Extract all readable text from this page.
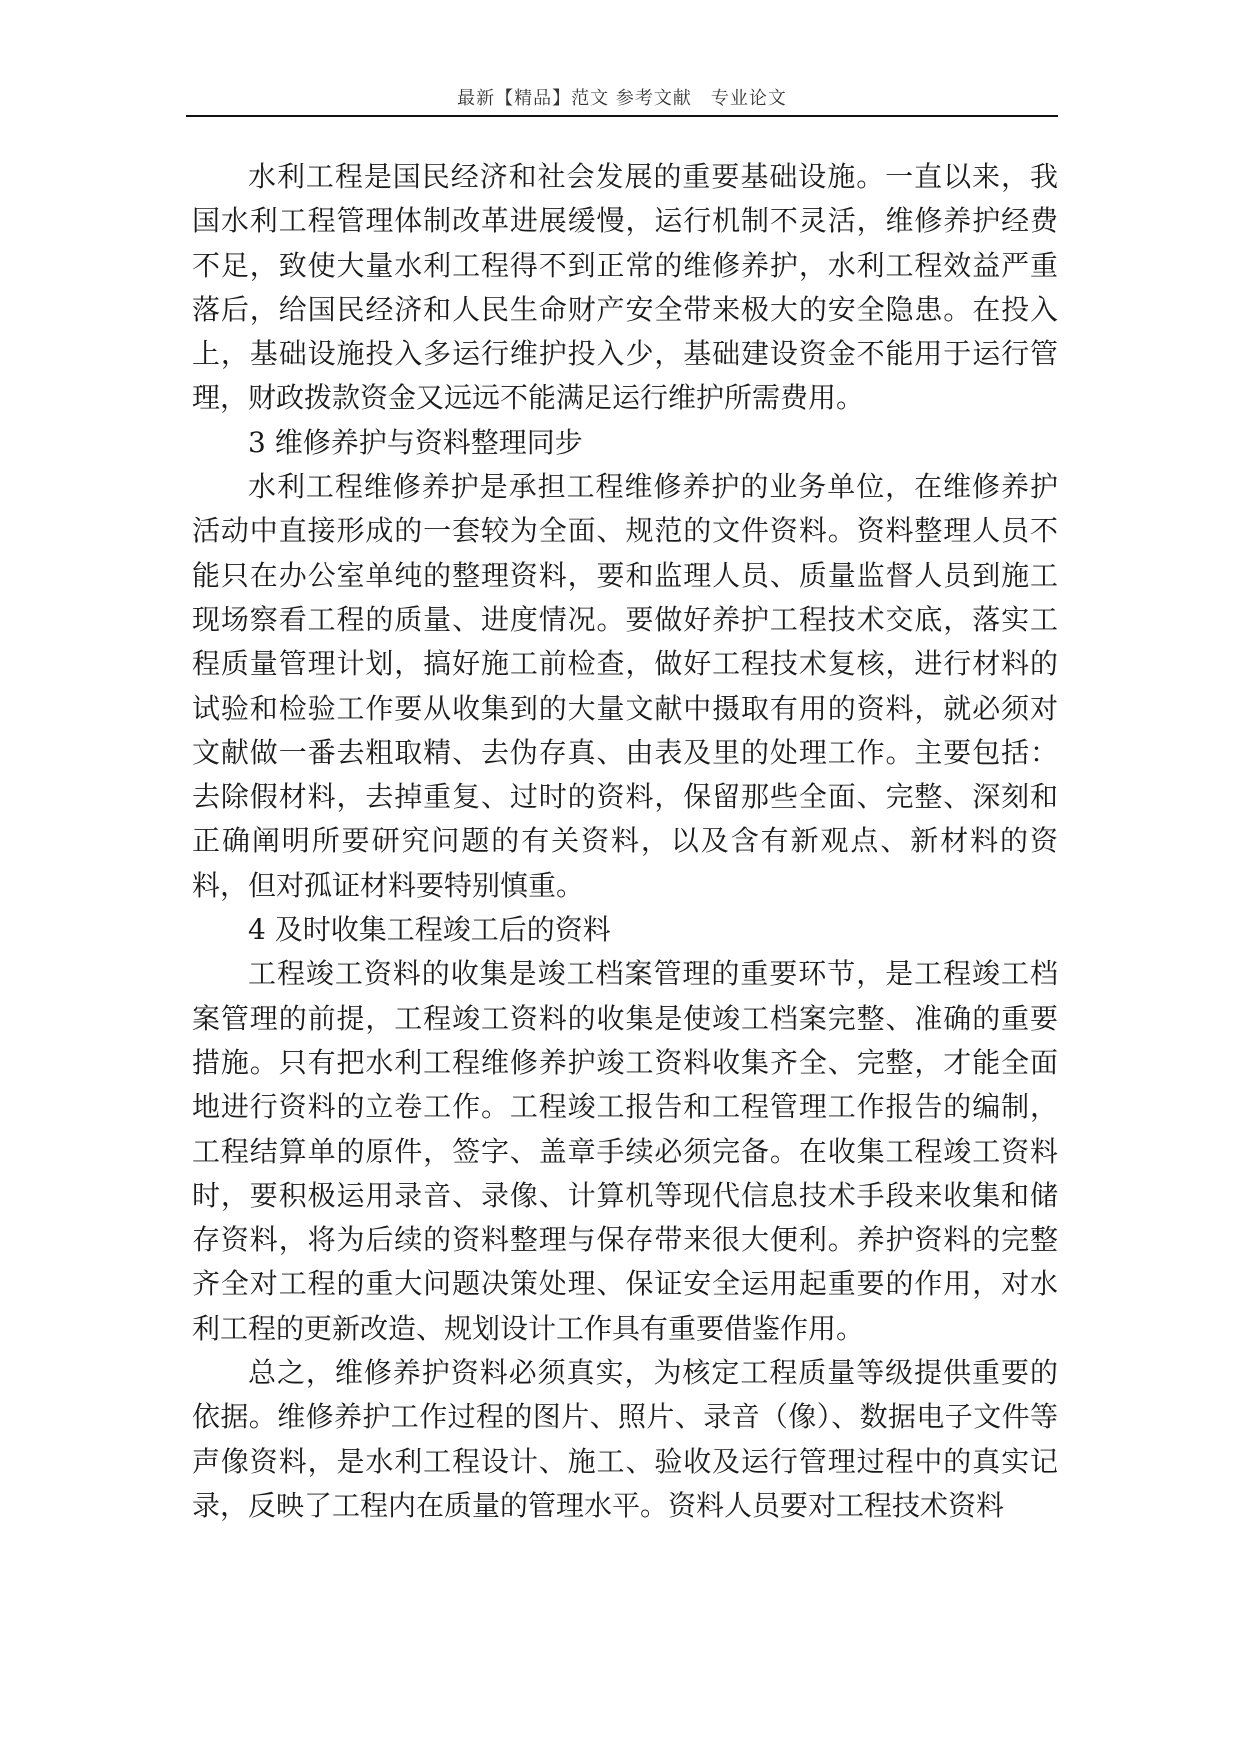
最新【精品】范文 参考文献　专业论文

水利工程是国民经济和社会发展的重要基础设施。一直以来，我国水利工程管理体制改革进展缓慢，运行机制不灵活，维修养护经费不足，致使大量水利工程得不到正常的维修养护，水利工程效益严重落后，给国民经济和人民生命财产安全带来极大的安全隐患。在投入上，基础设施投入多运行维护投入少，基础建设资金不能用于运行管理，财政拨款资金又远远不能满足运行维护所需费用。

3 维修养护与资料整理同步

水利工程维修养护是承担工程维修养护的业务单位，在维修养护活动中直接形成的一套较为全面、规范的文件资料。资料整理人员不能只在办公室单纯的整理资料，要和监理人员、质量监督人员到施工现场察看工程的质量、进度情况。要做好养护工程技术交底，落实工程质量管理计划，搞好施工前检查，做好工程技术复核，进行材料的试验和检验工作要从收集到的大量文献中摄取有用的资料，就必须对文献做一番去粗取精、去伪存真、由表及里的处理工作。主要包括：去除假材料，去掉重复、过时的资料，保留那些全面、完整、深刻和正确阐明所要研究问题的有关资料，以及含有新观点、新材料的资料，但对孤证材料要特别慎重。

4 及时收集工程竣工后的资料

工程竣工资料的收集是竣工档案管理的重要环节，是工程竣工档案管理的前提，工程竣工资料的收集是使竣工档案完整、准确的重要措施。只有把水利工程维修养护竣工资料收集齐全、完整，才能全面地进行资料的立卷工作。工程竣工报告和工程管理工作报告的编制，工程结算单的原件，签字、盖章手续必须完备。在收集工程竣工资料时，要积极运用录音、录像、计算机等现代信息技术手段来收集和储存资料，将为后续的资料整理与保存带来很大便利。养护资料的完整齐全对工程的重大问题决策处理、保证安全运用起重要的作用，对水利工程的更新改造、规划设计工作具有重要借鉴作用。

总之，维修养护资料必须真实，为核定工程质量等级提供重要的依据。维修养护工作过程的图片、照片、录音（像）、数据电子文件等声像资料，是水利工程设计、施工、验收及运行管理过程中的真实记录，反映了工程内在质量的管理水平。资料人员要对工程技术资料
